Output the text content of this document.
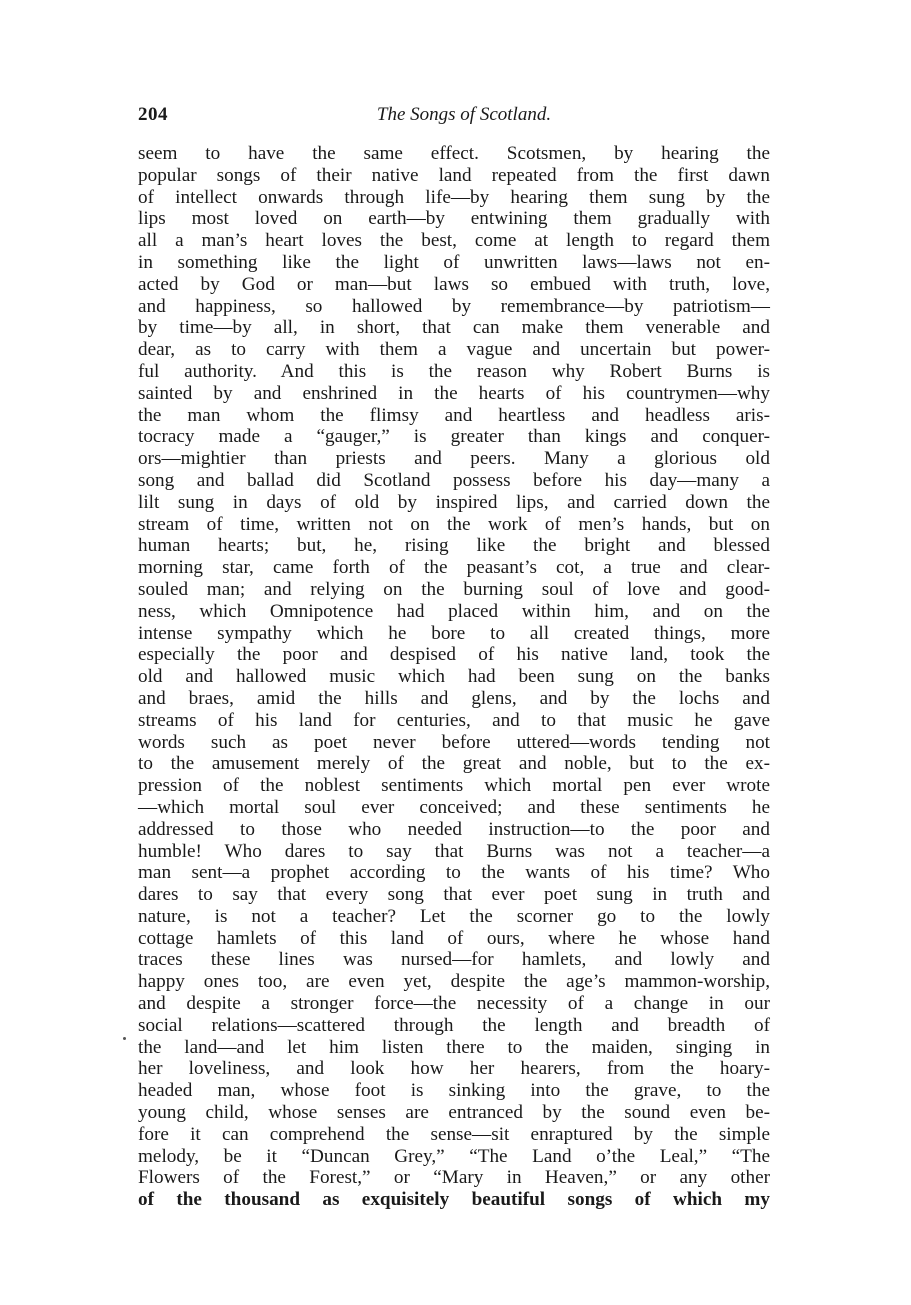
204	The Songs of Scotland.
seem to have the same effect. Scotsmen, by hearing the
popular songs of their native land repeated from the first dawn
of intellect onwards through life—by hearing them sung by the
lips most loved on earth—by entwining them gradually with
all a man’s heart loves the best, come at length to regard them
in something like the light of unwritten laws—laws not en-
acted by God or man—but laws so embued with truth, love,
and happiness, so hallowed by remembrance—by patriotism—
by time—by all, in short, that can make them venerable and
dear, as to carry with them a vague and uncertain but power-
ful authority. And this is the reason why Robert Burns is
sainted by and enshrined in the hearts of his countrymen—why
the man whom the flimsy and heartless and headless aris-
tocracy made a “gauger,” is greater than kings and conquer-
ors—mightier than priests and peers. Many a glorious old
song and ballad did Scotland possess before his day—many a
lilt sung in days of old by inspired lips, and carried down the
stream of time, written not on the work of men’s hands, but on
human hearts; but, he, rising like the bright and blessed
morning star, came forth of the peasant’s cot, a true and clear-
souled man; and relying on the burning soul of love and good-
ness, which Omnipotence had placed within him, and on the
intense sympathy which he bore to all created things, more
especially the poor and despised of his native land, took the
old and hallowed music which had been sung on the banks
and braes, amid the hills and glens, and by the lochs and
streams of his land for centuries, and to that music he gave
words such as poet never before uttered—words tending not
to the amusement merely of the great and noble, but to the ex-
pression of the noblest sentiments which mortal pen ever wrote
—which mortal soul ever conceived; and these sentiments he
addressed to those who needed instruction—to the poor and
humble! Who dares to say that Burns was not a teacher—a
man sent—a prophet according to the wants of his time? Who
dares to say that every song that ever poet sung in truth and
nature, is not a teacher? Let the scorner go to the lowly
cottage hamlets of this land of ours, where he whose hand
traces these lines was nursed—for hamlets, and lowly and
happy ones too, are even yet, despite the age’s mammon-worship,
and despite a stronger force—the necessity of a change in our
social relations—scattered through the length and breadth of
the land—and let him listen there to the maiden, singing in
her loveliness, and look how her hearers, from the hoary-
headed man, whose foot is sinking into the grave, to the
young child, whose senses are entranced by the sound even be-
fore it can comprehend the sense—sit enraptured by the simple
melody, be it “Duncan Grey,” “The Land o’the Leal,” “The
Flowers of the Forest,” or “Mary in Heaven,” or any other
of the thousand as exquisitely beautiful songs of which my
